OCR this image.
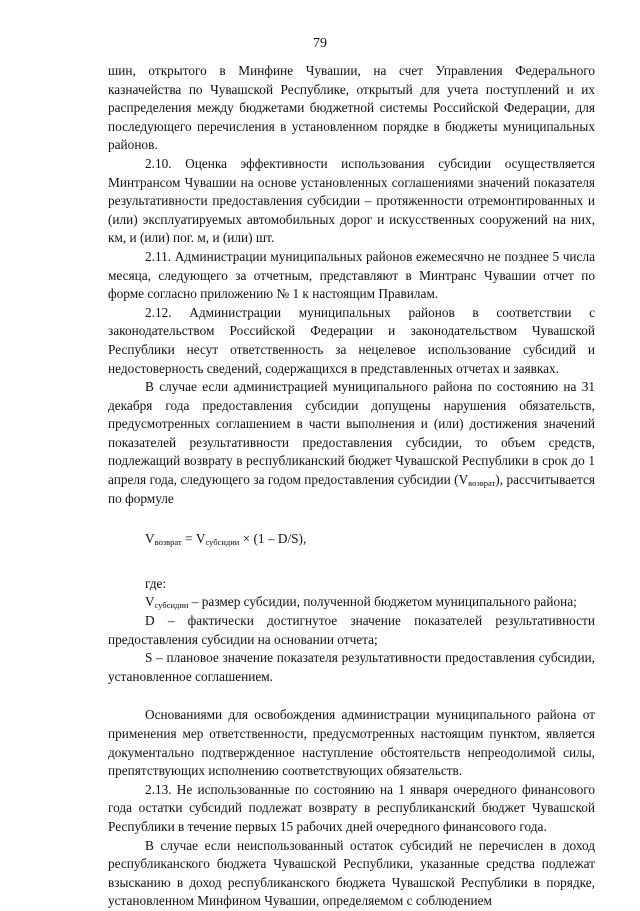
79

шин, открытого в Минфине Чувашии, на счет Управления Федерального казначейства по Чувашской Республике, открытый для учета поступлений и их распределения между бюджетами бюджетной системы Российской Федерации, для последующего перечисления в установленном порядке в бюджеты муниципальных районов.

2.10. Оценка эффективности использования субсидии осуществляется Минтрансом Чувашии на основе установленных соглашениями значений показателя результативности предоставления субсидии – протяженности отремонтированных и (или) эксплуатируемых автомобильных дорог и искусственных сооружений на них, км, и (или) пог. м, и (или) шт.

2.11. Администрации муниципальных районов ежемесячно не позднее 5 числа месяца, следующего за отчетным, представляют в Минтранс Чувашии отчет по форме согласно приложению № 1 к настоящим Правилам.

2.12. Администрации муниципальных районов в соответствии с законодательством Российской Федерации и законодательством Чувашской Республики несут ответственность за нецелевое использование субсидий и недостоверность сведений, содержащихся в представленных отчетах и заявках.

В случае если администрацией муниципального района по состоянию на 31 декабря года предоставления субсидии допущены нарушения обязательств, предусмотренных соглашением в части выполнения и (или) достижения значений показателей результативности предоставления субсидии, то объем средств, подлежащий возврату в республиканский бюджет Чувашской Республики в срок до 1 апреля года, следующего за годом предоставления субсидии $(V_{возврат})$, рассчитывается по формуле

$V_{возврат} = V_{субсидии} \times (1 - D/S)$,

где:

$V_{субсидии}$ – размер субсидии, полученной бюджетом муниципального района;

D – фактически достигнутое значение показателей результативности предоставления субсидии на основании отчета;

S – плановое значение показателя результативности предоставления субсидии, установленное соглашением.

Основаниями для освобождения администрации муниципального района от применения мер ответственности, предусмотренных настоящим пунктом, является документально подтвержденное наступление обстоятельств непреодолимой силы, препятствующих исполнению соответствующих обязательств.

2.13. Не использованные по состоянию на 1 января очередного финансового года остатки субсидий подлежат возврату в республиканский бюджет Чувашской Республики в течение первых 15 рабочих дней очередного финансового года.

В случае если неиспользованный остаток субсидий не перечислен в доход республиканского бюджета Чувашской Республики, указанные средства подлежат взысканию в доход республиканского бюджета Чувашской Республики в порядке, установленном Минфином Чувашии, определяемом с соблюдением
